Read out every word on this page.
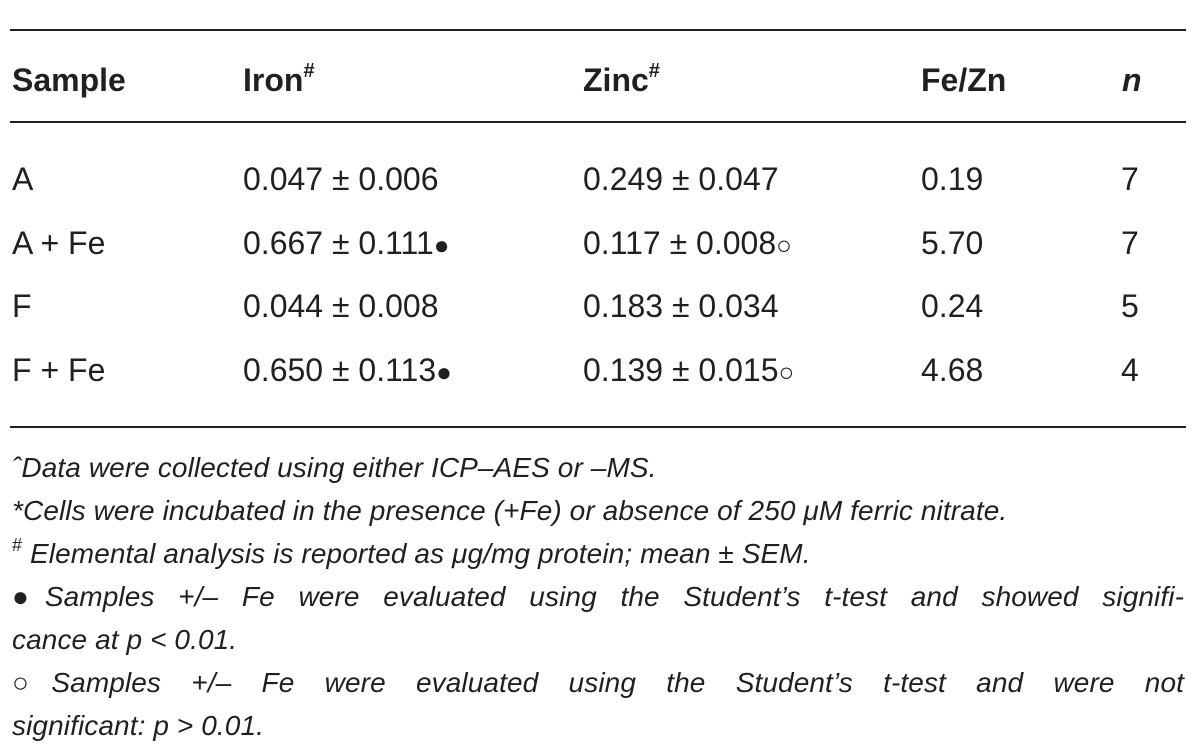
Sample	Iron#	Zinc#	Fe/Zn	n
A	0.047 ± 0.006	0.249 ± 0.047	0.19	7
A + Fe	0.667 ± 0.111●	0.117 ± 0.008○	5.70	7
F	0.044 ± 0.008	0.183 ± 0.034	0.24	5
F + Fe	0.650 ± 0.113●	0.139 ± 0.015○	4.68	4
ˆData were collected using either ICP–AES or –MS.
*Cells were incubated in the presence (+Fe) or absence of 250 μM ferric nitrate.
# Elemental analysis is reported as μg/mg protein; mean ± SEM.
●Samples +/– Fe were evaluated using the Student’s t-test and showed signifi-
cance at p < 0.01.
○Samples +/– Fe were evaluated using the Student’s t-test and were not
significant: p > 0.01.
